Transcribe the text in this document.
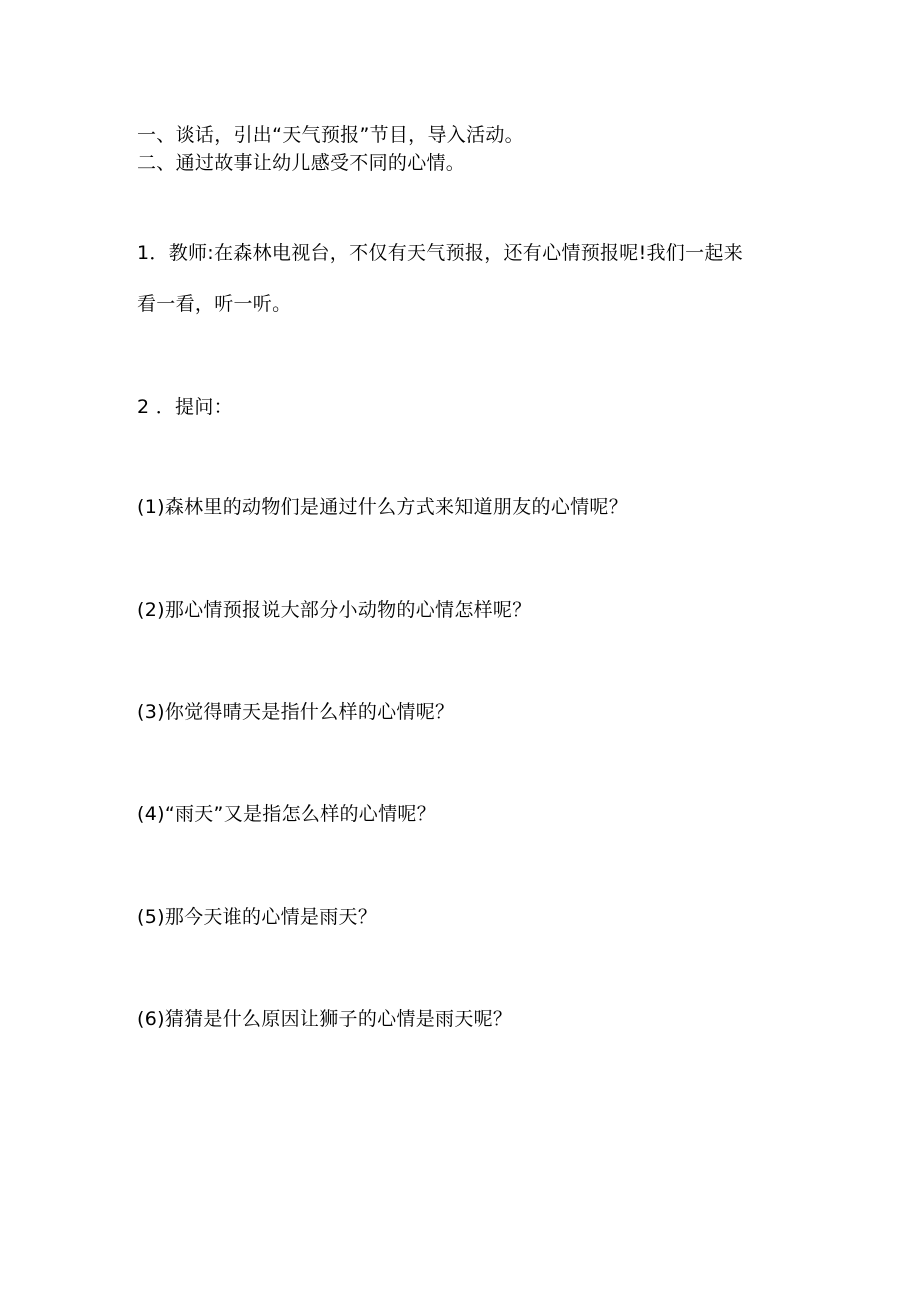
一、谈话，引出“天气预报”节目，导入活动。

二、通过故事让幼儿感受不同的心情。

1．教师:在森林电视台，不仅有天气预报，还有心情预报呢!我们一起来

看一看，听一听。

2 ．提问：

(1)森林里的动物们是通过什么方式来知道朋友的心情呢？

(2)那心情预报说大部分小动物的心情怎样呢？

(3)你觉得晴天是指什么样的心情呢？

(4)“雨天”又是指怎么样的心情呢？

(5)那今天谁的心情是雨天？

(6)猜猜是什么原因让狮子的心情是雨天呢？
